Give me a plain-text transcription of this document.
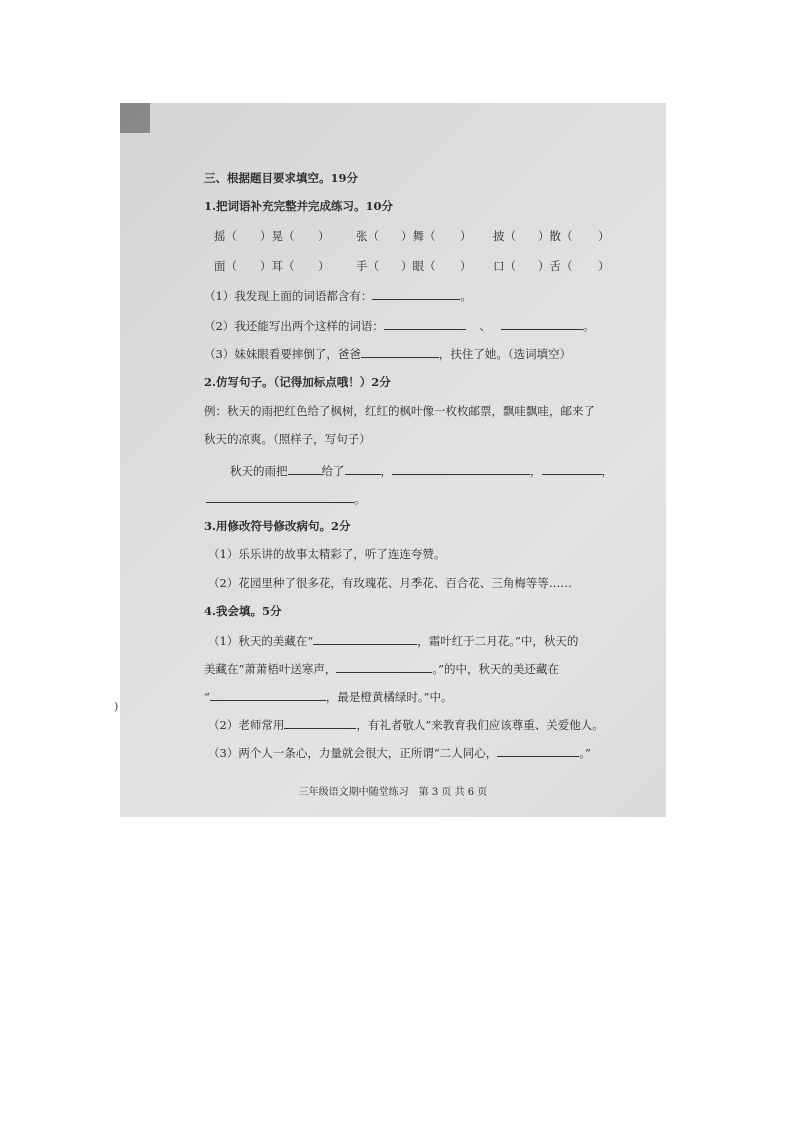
三、根据题目要求填空。19分
1.把词语补充完整并完成练习。10分
摇（ ）晃（ ） 张（ ）舞（ ） 披（ ）散（ ）
面（ ）耳（ ） 手（ ）眼（ ） 口（ ）舌（ ）
（1）我发现上面的词语都含有：	。
（2）我还能写出两个这样的词语：	、	。
（3）妹妹眼看要摔倒了，爸爸	，扶住了她。（选词填空）
2.仿写句子。（记得加标点哦！）2分
例：秋天的雨把红色给了枫树，红红的枫叶像一枚枚邮票，飘哇飘哇，邮来了
秋天的凉爽。（照样子，写句子）
秋天的雨把	给了	，	，	，
。
3.用修改符号修改病句。2分
（1）乐乐讲的故事太精彩了，听了连连夸赞。
（2）花园里种了很多花，有玫瑰花、月季花、百合花、三角梅等等……
4.我会填。5分
（1）秋天的美藏在“	，霜叶红于二月花。”中，秋天的
美藏在“萧萧梧叶送寒声，	。”的中，秋天的美还藏在
“	，最是橙黄橘绿时。”中。
（2）老师常用	，有礼者敬人”来教育我们应该尊重、关爱他人。
（3）两个人一条心，力量就会很大，正所谓“二人同心，	。”
三年级语文期中随堂练习　第 3 页 共 6 页
)
